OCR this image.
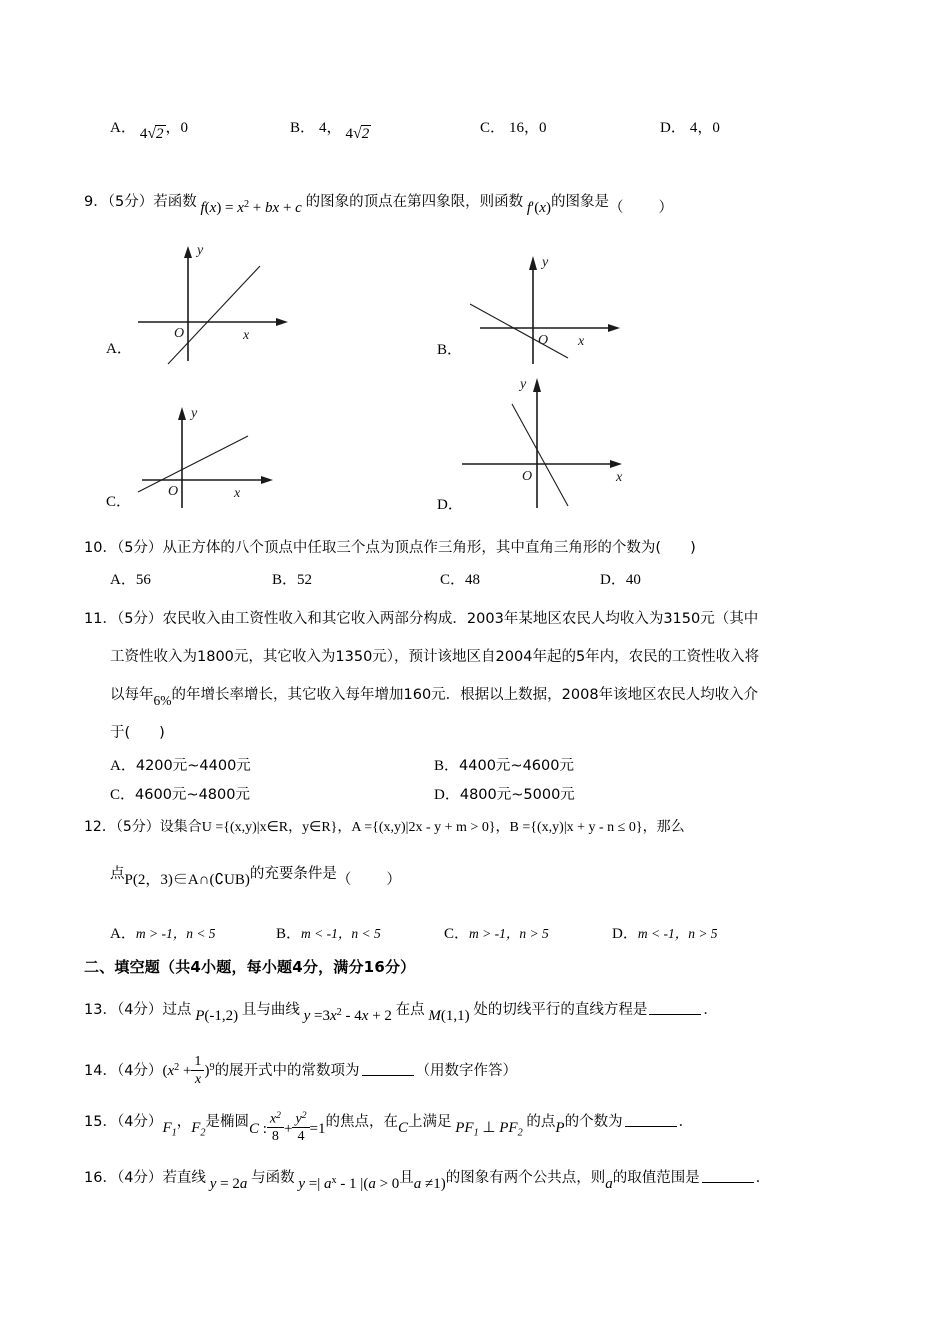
A． 4√2 ，0	B． 4， 4√2	C． 16，0	D． 4，0
9．（5分）若函数 $f(x) = x^2$ + bx + c 的图象的顶点在第四象限，则函数 f′(x)的图象是（　　）
y
x
O
A．
y
x
O
B．
y
x
O
C．
y
x
O
D．
10．（5分）从正方体的八个顶点中任取三个点为顶点作三角形，其中直角三角形的个数为(　　)
A．56	B．52	C．48	D．40
11．（5分）农民收入由工资性收入和其它收入两部分构成．2003年某地区农民人均收入为3150元（其中
工资性收入为1800元，其它收入为1350元），预计该地区自2004年起的5年内，农民的工资性收入将
以每年6%的年增长率增长，其它收入每年增加160元．根据以上数据，2008年该地区农民人均收入介
于(　　)
A．4200元~4400元	B．4400元~4600元
C．4600元~4800元	D．4800元~5000元
12．（5分）设集合U ={(x,y)|x∈R，y∈R}，A ={(x,y)|2x - y + m > 0}，B ={(x,y)|x + y - n ≤ 0}，那么
点P(2，3)∈A∩(∁UB)的充要条件是（　　）
A．m > -1，n < 5	B．m < -1，n < 5	C．m > -1，n > 5	D．m < -1，n > 5
二、填空题（共4小题，每小题4分，满分16分）
13．（4分）过点 P(-1,2) 且与曲线 $y =3x^2 - 4x + 2$ 在点 M(1,1) 处的切线平行的直线方程是	．
14．（4分）$(x^2 + \frac{1}{x} )^9$的展开式中的常数项为	（用数字作答）
15．（4分）$F_1$，$F_2$是椭圆C : $\frac{x^2}{8} + \frac{y^2}{4} =1$的焦点，在C上满足 $PF_1$ ⊥ $PF_2$ 的点P的个数为	．
16．（4分）若直线 y = 2a 与函数 y =| $a^x - 1$ |(a > 0且a ≠1)的图象有两个公共点，则a的取值范围是	．
